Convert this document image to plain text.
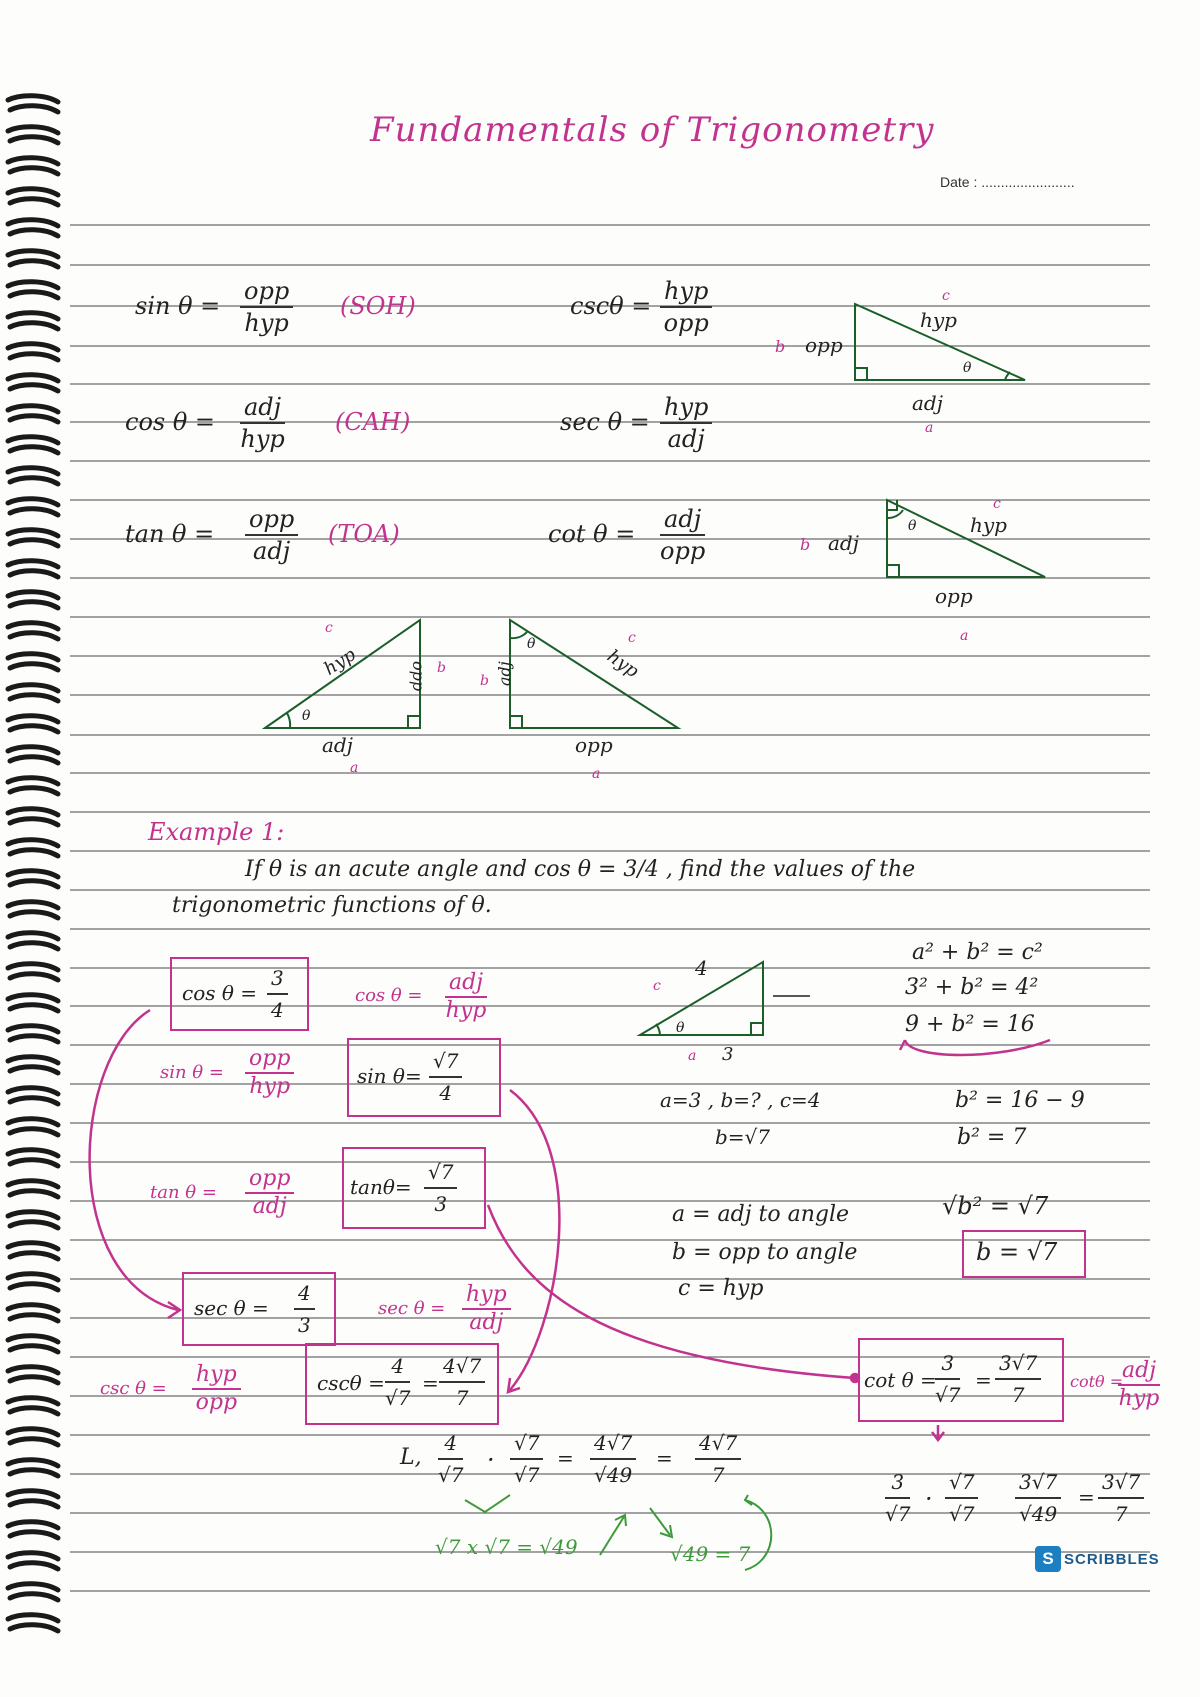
Fundamentals of Trigonometry
Date : ........................
sin θ =
opp
hyp
(SOH)
cos θ =
adj
hyp
(CAH)
tan θ =
opp
adj
(TOA)
cscθ =
hyp
opp
sec θ =
hyp
adj
cot θ =
adj
opp
c
hyp
b opp
θ
adj
a
c
hyp
b adj
θ
opp
a
c
hyp
θ
opp b
adj
a
c
hyp
b adj
θ
opp
a
4
c
θ
a 3
Example 1:
If θ is an acute angle and cos θ = 3/4 , find the values of the
trigonometric functions of θ.
$\cos \theta = \frac{3}{4}$	cos θ =
adj
hyp
sin θ =
opp
hyp	$\sin \theta= \frac{√7}{4}$
tan θ =
opp
adj
$\tan\theta= \frac{√7}{3}$
$\sec \theta = \frac{4}{3}$	sec θ =
hyp
adj
csc θ =
hyp
opp
$\csc\theta = \frac{4}{√7} = \frac{4√7}{7}$
L, $\frac{4}{√7} \cdot \frac{√7}{√7} = \frac{4√7}{√49} = \frac{4√7}{7}$
√7 x √7 = √49	√49 = 7
a=3 , b=? , c=4
b=√7
a = adj to angle
b = opp to angle
c = hyp
a² + b² = c²
3² + b² = 4²
9 + b² = 16
b² = 16 − 9
b² = 7
√b² = √7
b = √7
cot θ =
$\frac{3}{√7} = \frac{3√7}{7}$ cotθ =
adj
hyp
$\frac{3}{√7} \cdot \frac{√7}{√7} \frac{3√7}{√49} = \frac{3√7}{7}$
S SCRIBBLES
